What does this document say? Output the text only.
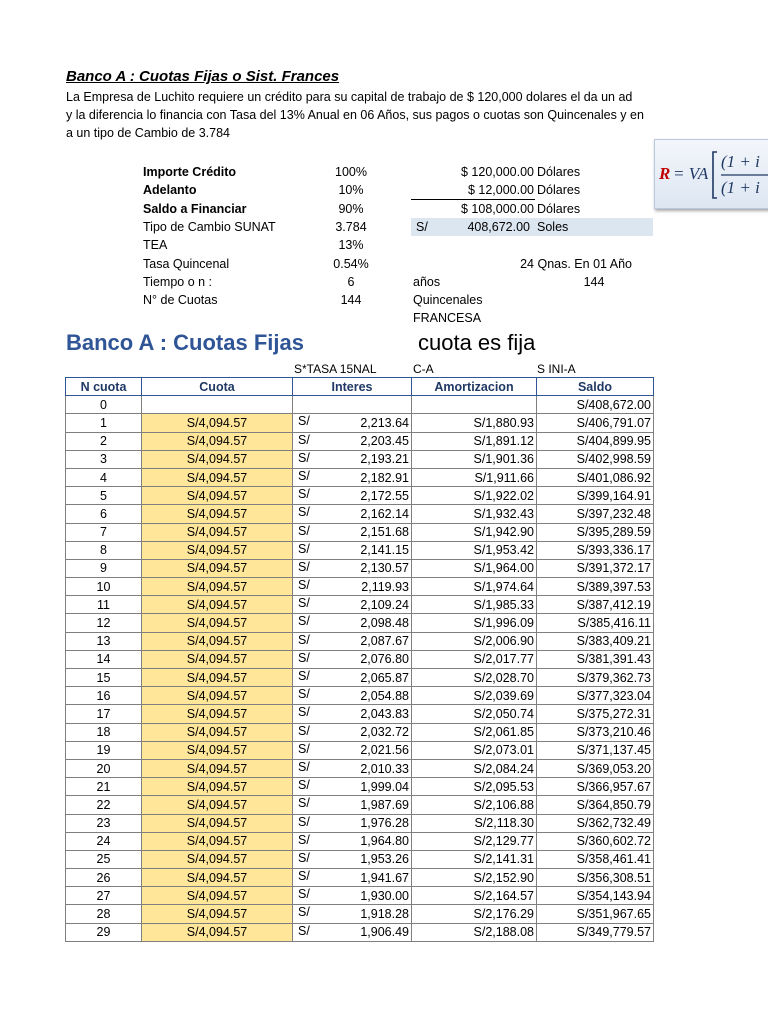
Banco A : Cuotas Fijas o Sist. Frances
La Empresa de Luchito requiere un crédito para su capital de trabajo de $ 120,000 dolares el da un ad
y la diferencia lo financia con Tasa del 13% Anual en 06 Años, sus pagos o cuotas son Quincenales y en
a un tipo de Cambio de 3.784
R = VA
(1 + i
(1 + i
Importe Crédito	100%	$ 120,000.00 Dólares
Adelanto	10%	$ 12,000.00 Dólares
Saldo a Financiar	90%	$ 108,000.00 Dólares
Tipo de Cambio SUNAT	3.784	S/	408,672.00 Soles
TEA	13%
Tasa Quincenal	0.54%	24 Qnas. En 01 Año
Tiempo o n :	6	años	144
N° de Cuotas	144	Quincenales
FRANCESA
Banco A : Cuotas Fijas	cuota es fija
S*TASA 15NAL	C-A	S INI-A
N cuota	Cuota	Interes	Amortizacion	Saldo
0				S/408,672.00
1	S/4,094.57	S/ 2,213.64	S/1,880.93	S/406,791.07
2	S/4,094.57	S/ 2,203.45	S/1,891.12	S/404,899.95
3	S/4,094.57	S/ 2,193.21	S/1,901.36	S/402,998.59
4	S/4,094.57	S/ 2,182.91	S/1,911.66	S/401,086.92
5	S/4,094.57	S/ 2,172.55	S/1,922.02	S/399,164.91
6	S/4,094.57	S/ 2,162.14	S/1,932.43	S/397,232.48
7	S/4,094.57	S/ 2,151.68	S/1,942.90	S/395,289.59
8	S/4,094.57	S/ 2,141.15	S/1,953.42	S/393,336.17
9	S/4,094.57	S/ 2,130.57	S/1,964.00	S/391,372.17
10	S/4,094.57	S/ 2,119.93	S/1,974.64	S/389,397.53
11	S/4,094.57	S/ 2,109.24	S/1,985.33	S/387,412.19
12	S/4,094.57	S/ 2,098.48	S/1,996.09	S/385,416.11
13	S/4,094.57	S/ 2,087.67	S/2,006.90	S/383,409.21
14	S/4,094.57	S/ 2,076.80	S/2,017.77	S/381,391.43
15	S/4,094.57	S/ 2,065.87	S/2,028.70	S/379,362.73
16	S/4,094.57	S/ 2,054.88	S/2,039.69	S/377,323.04
17	S/4,094.57	S/ 2,043.83	S/2,050.74	S/375,272.31
18	S/4,094.57	S/ 2,032.72	S/2,061.85	S/373,210.46
19	S/4,094.57	S/ 2,021.56	S/2,073.01	S/371,137.45
20	S/4,094.57	S/ 2,010.33	S/2,084.24	S/369,053.20
21	S/4,094.57	S/ 1,999.04	S/2,095.53	S/366,957.67
22	S/4,094.57	S/ 1,987.69	S/2,106.88	S/364,850.79
23	S/4,094.57	S/ 1,976.28	S/2,118.30	S/362,732.49
24	S/4,094.57	S/ 1,964.80	S/2,129.77	S/360,602.72
25	S/4,094.57	S/ 1,953.26	S/2,141.31	S/358,461.41
26	S/4,094.57	S/ 1,941.67	S/2,152.90	S/356,308.51
27	S/4,094.57	S/ 1,930.00	S/2,164.57	S/354,143.94
28	S/4,094.57	S/ 1,918.28	S/2,176.29	S/351,967.65
29	S/4,094.57	S/ 1,906.49	S/2,188.08	S/349,779.57
